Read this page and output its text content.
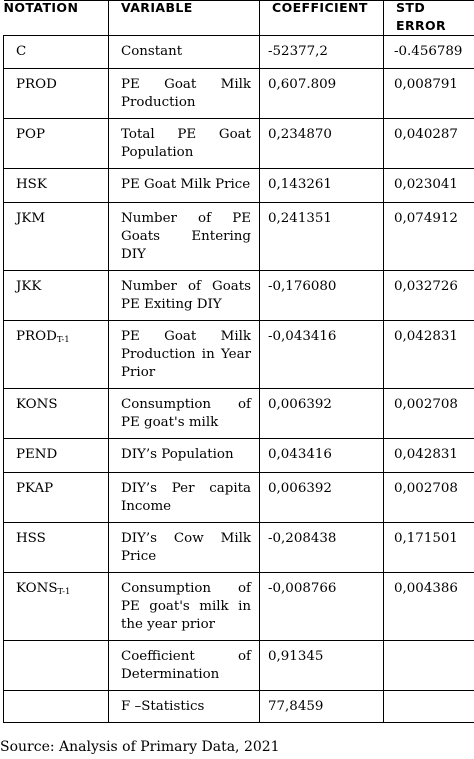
NOTATION	VARIABLE	COEFFICIENT	STD ERROR

C	Constant	-52377,2	-0.456789
PROD	PE Goat Milk Production	0,607.809	0,008791
POP	Total PE Goat Population	0,234870	0,040287
HSK	PE Goat Milk Price	0,143261	0,023041
JKM	Number of PE Goats Entering DIY	0,241351	0,074912
JKK	Number of Goats PE Exiting DIY	-0,176080	0,032726
PRODT-1	PE Goat Milk Production in Year Prior	-0,043416	0,042831
KONS	Consumption of PE goat's milk	0,006392	0,002708
PEND	DIY’s Population	0,043416	0,042831
PKAP	DIY’s Per capita Income	0,006392	0,002708
HSS	DIY’s Cow Milk Price	-0,208438	0,171501
KONST-1	Consumption of PE goat's milk in the year prior	-0,008766	0,004386
	Coefficient of Determination	0,91345	
	F –Statistics	77,8459	
Source: Analysis of Primary Data, 2021
